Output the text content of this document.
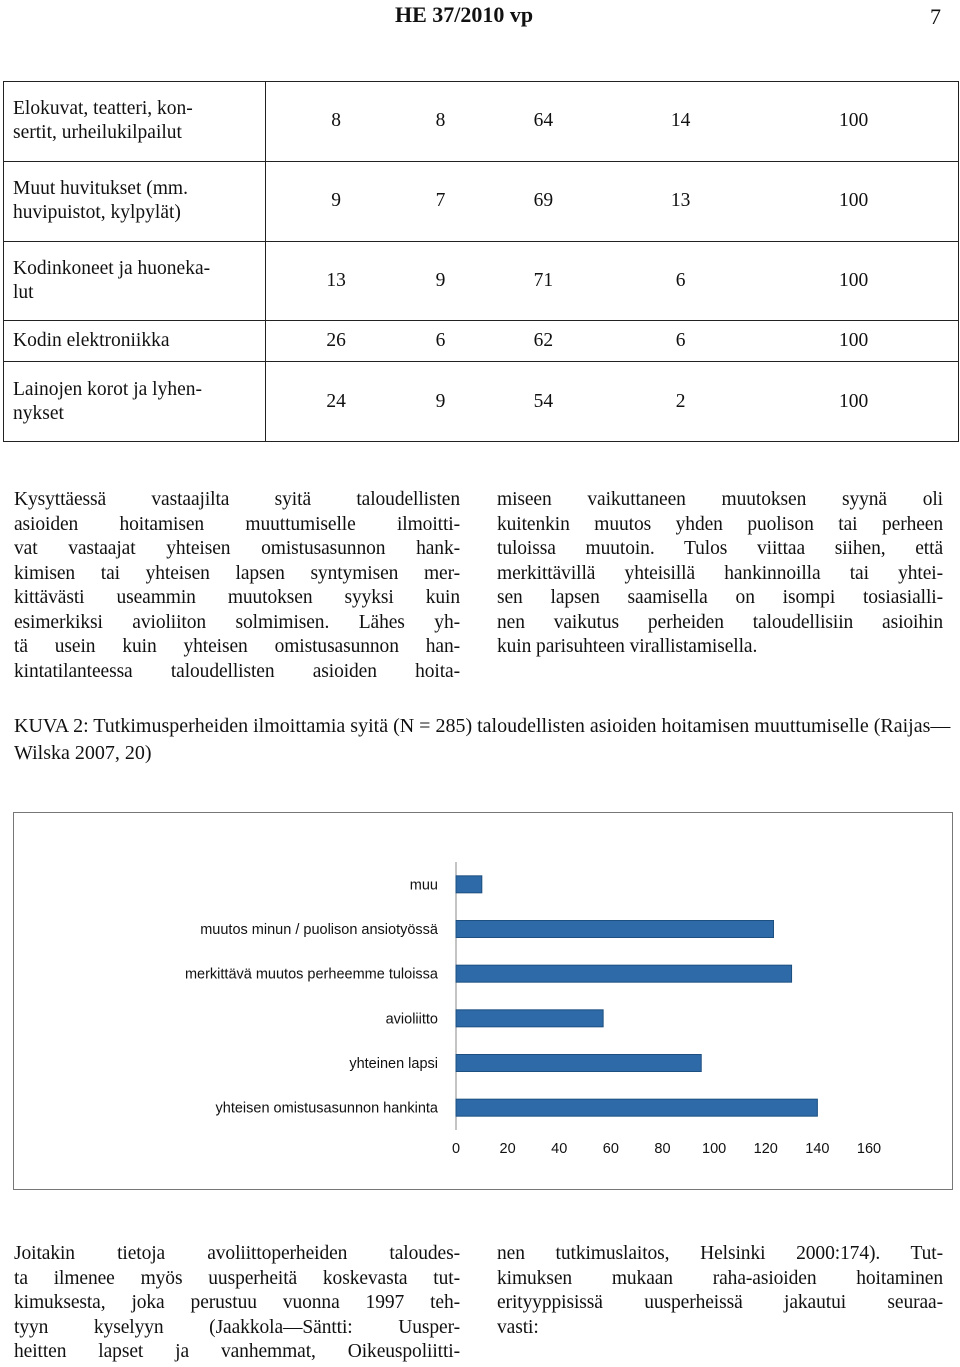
HE 37/2010 vp	7
Elokuvat, teatteri, kon-
sertit, urheilukilpailut	8	8	64	14	100
Muut huvitukset (mm.
huvipuistot, kylpylät)	9	7	69	13	100
Kodinkoneet ja huoneka-
lut	13	9	71	6	100
Kodin elektroniikka	26	6	62	6	100
Lainojen korot ja lyhen-
nykset	24	9	54	2	100
Kysyttäessä vastaajilta syitä taloudellisten
asioiden hoitamisen muuttumiselle ilmoitti-
vat vastaajat yhteisen omistusasunnon hank-
kimisen tai yhteisen lapsen syntymisen mer-
kittävästi useammin muutoksen syyksi kuin
esimerkiksi avioliiton solmimisen. Lähes yh-
tä usein kuin yhteisen omistusasunnon han-
kintatilanteessa taloudellisten asioiden hoita-
miseen vaikuttaneen muutoksen syynä oli
kuitenkin muutos yhden puolison tai perheen
tuloissa muutoin. Tulos viittaa siihen, että
merkittävillä yhteisillä hankinnoilla tai yhtei-
sen lapsen saamisella on isompi tosiasialli-
nen vaikutus perheiden taloudellisiin asioihin
kuin parisuhteen virallistamisella.

KUVA 2: Tutkimusperheiden ilmoittamia syitä (N = 285) taloudellisten asioiden hoitamisen muuttumiselle (Raijas—Wilska 2007, 20)

muu
muutos minun / puolison ansiotyössä
merkittävä muutos perheemme tuloissa
avioliitto
yhteinen lapsi
yhteisen omistusasunnon hankinta
0	20 40 60 80 100 120 140 160
Joitakin tietoja avoliittoperheiden taloudes-
ta ilmenee myös uusperheitä koskevasta tut-
kimuksesta, joka perustuu vuonna 1997 teh-
tyyn kyselyyn (Jaakkola—Säntti: Uusper-
heitten lapset ja vanhemmat, Oikeuspoliitti-
nen tutkimuslaitos, Helsinki 2000:174). Tut-
kimuksen mukaan raha-asioiden hoitaminen
erityyppisissä uusperheissä jakautui seuraa-
vasti:
